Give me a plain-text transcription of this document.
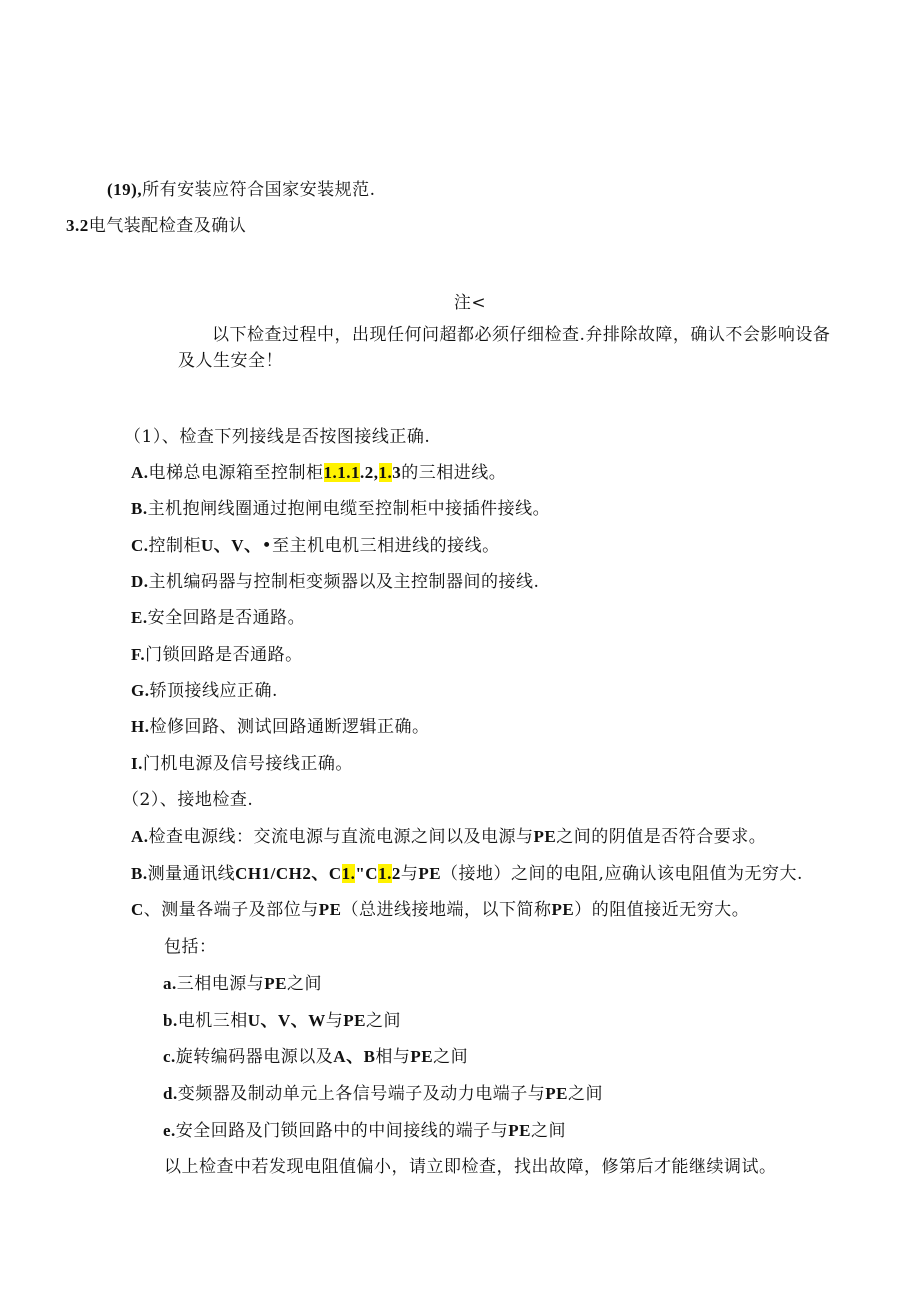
(19),所有安装应符合国家安装规范.
3.2电气装配检查及确认
注<
以下检查过程中，出现任何问超都必须仔细检查.弁排除故障，确认不会影响设备
及人生安全！
（1）、检查下列接线是否按图接线正确.
A.电梯总电源箱至控制柜1.1.1.2,1.3的三相进线。
B.主机抱闸线圈通过抱闸电缆至控制柜中接插件接线。
C.控制柜U、V、•至主机电机三相进线的接线。
D.主机编码器与控制柜变频器以及主控制器间的接线.
E.安全回路是否通路。
F.门锁回路是否通路。
G.轿顶接线应正确.
H.检修回路、测试回路通断逻辑正确。
I.门机电源及信号接线正确。
（2）、接地检查.
A.检查电源线：交流电源与直流电源之间以及电源与PE之间的阴值是否符合要求。
B.测量通讯线CH1/CH2、C1."C1.2与PE（接地）之间的电阻,应确认该电阻值为无穷大.
C、测量各端子及部位与PE（总进线接地端，以下简称PE）的阻值接近无穷大。
包括：
a.三相电源与PE之间
b.电机三相U、V、W与PE之间
c.旋转编码器电源以及A、B相与PE之间
d.变频器及制动单元上各信号端子及动力电端子与PE之间
e.安全回路及门锁回路中的中间接线的端子与PE之间
以上检查中若发现电阻值偏小，请立即检查，找出故障，修第后才能继续调试。
